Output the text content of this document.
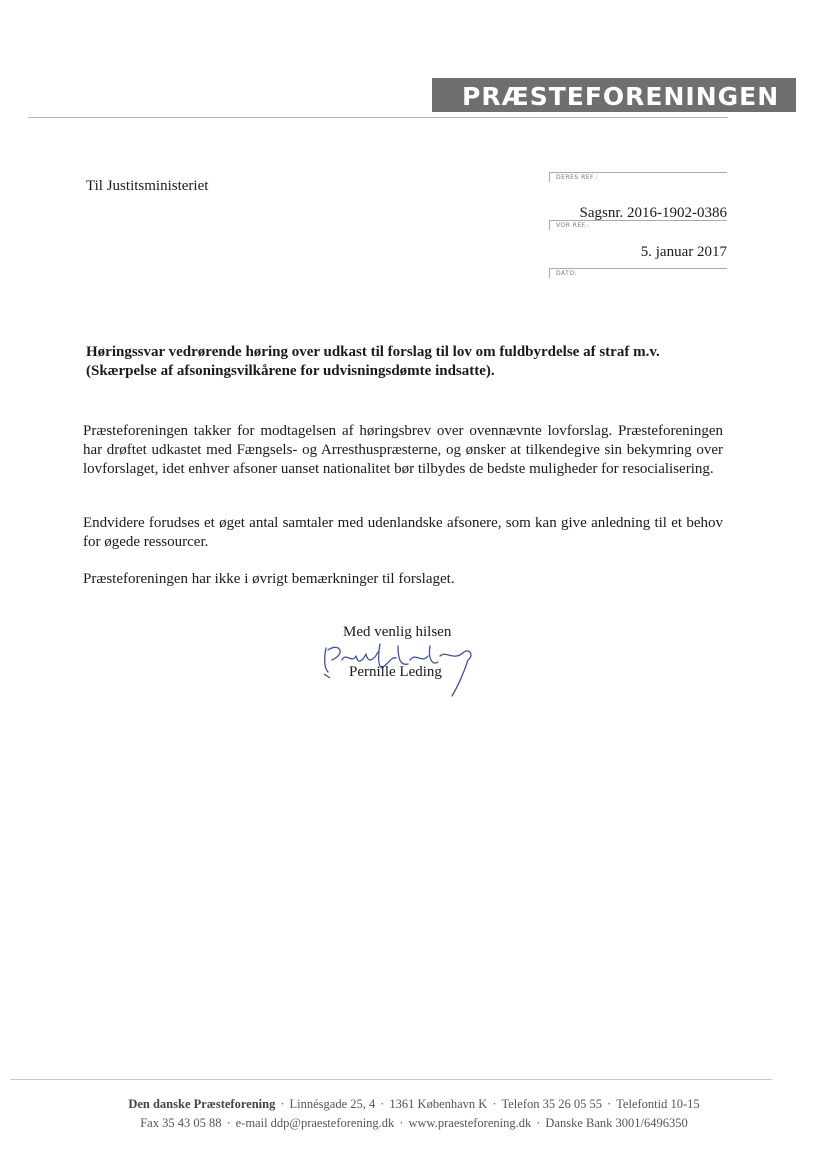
PRÆSTEFORENINGEN
Til Justitsministeriet
DERES REF.:
Sagsnr. 2016-1902-0386
VOR REF.:
5. januar 2017
DATO:
Høringssvar vedrørende høring over udkast til forslag til lov om fuldbyrdelse af straf m.v. (Skærpelse af afsoningsvilkårene for udvisningsdømte indsatte).
Præsteforeningen takker for modtagelsen af høringsbrev over ovennævnte lovforslag. Præsteforeningen har drøftet udkastet med Fængsels- og Arresthuspræsterne, og ønsker at tilkendegive sin bekymring over lovforslaget, idet enhver afsoner uanset nationalitet bør tilbydes de bedste muligheder for resocialisering.
Endvidere forudses et øget antal samtaler med udenlandske afsonere, som kan give anledning til et behov for øgede ressourcer.
Præsteforeningen har ikke i øvrigt bemærkninger til forslaget.
Med venlig hilsen
Pernille Leding
Den danske Præsteforening · Linnésgade 25, 4 · 1361 København K · Telefon 35 26 05 55 · Telefontid 10-15
Fax 35 43 05 88 · e-mail ddp@praesteforening.dk · www.praesteforening.dk · Danske Bank 3001/6496350
